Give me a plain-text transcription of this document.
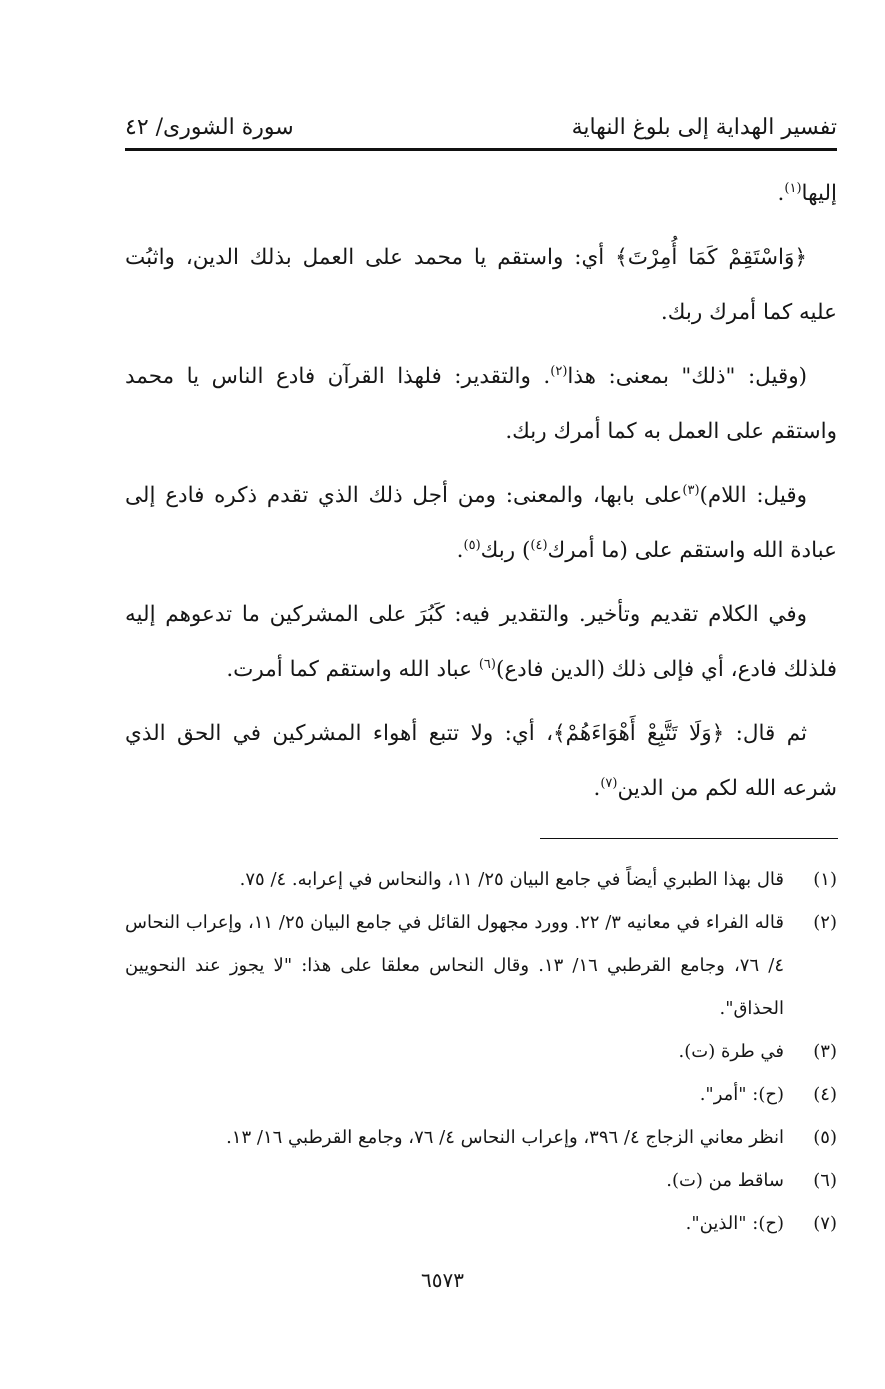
تفسير الهداية إلى بلوغ النهاية
سورة الشورى/ ٤٢

إليها$^{(١)}$.

﴿وَاسْتَقِمْ كَمَا أُمِرْتَ﴾ أي: واستقم يا محمد على العمل بذلك الدين، واثبُت عليه كما أمرك ربك.

(وقيل: "ذلك" بمعنى: هذا$^{(٢)}$. والتقدير: فلهذا القرآن فادع الناس يا محمد واستقم على العمل به كما أمرك ربك.

وقيل: اللام)$^{(٣)}$على بابها، والمعنى: ومن أجل ذلك الذي تقدم ذكره فادع إلى عبادة الله واستقم على (ما أمرك$^{(٤)}$) ربك$^{(٥)}$.

وفي الكلام تقديم وتأخير. والتقدير فيه: كَبُرَ على المشركين ما تدعوهم إليه فلذلك فادع، أي فإلى ذلك (الدين فادع)$^{(٦)}$ عباد الله واستقم كما أمرت.

ثم قال: ﴿وَلَا تَتَّبِعْ أَهْوَاءَهُمْ﴾، أي: ولا تتبع أهواء المشركين في الحق الذي شرعه الله لكم من الدين$^{(٧)}$.

(١)
قال بهذا الطبري أيضاً في جامع البيان ٢٥/ ١١، والنحاس في إعرابه. ٤/ ٧٥.
(٢)
قاله الفراء في معانيه ٣/ ٢٢. وورد مجهول القائل في جامع البيان ٢٥/ ١١، وإعراب النحاس ٤/ ٧٦، وجامع القرطبي ١٦/ ١٣. وقال النحاس معلقا على هذا: "لا يجوز عند النحويين الحذاق".
(٣)
في طرة (ت).
(٤)
(ح): "أمر".
(٥)
انظر معاني الزجاج ٤/ ٣٩٦، وإعراب النحاس ٤/ ٧٦، وجامع القرطبي ١٦/ ١٣.
(٦)
ساقط من (ت).
(٧)
(ح): "الذين".
٦٥٧٣
